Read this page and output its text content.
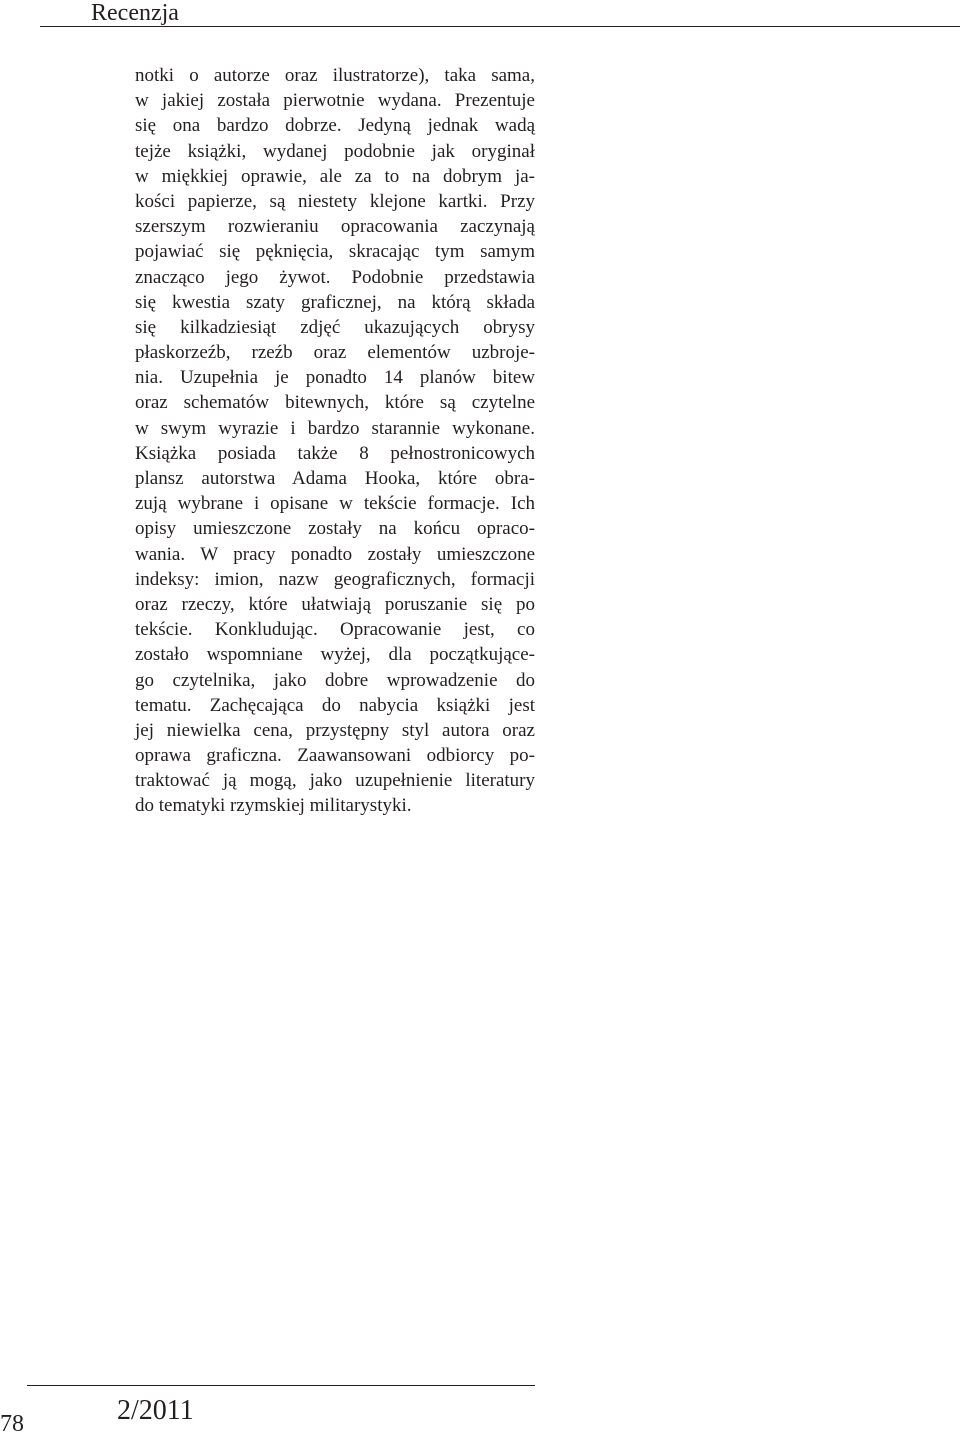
Recenzja
notki o autorze oraz ilustratorze), taka sama,
w jakiej została pierwotnie wydana. Prezentuje
się ona bardzo dobrze. Jedyną jednak wadą
tejże książki, wydanej podobnie jak oryginał
w miękkiej oprawie, ale za to na dobrym ja-
kości papierze, są niestety klejone kartki. Przy
szerszym rozwieraniu opracowania zaczynają
pojawiać się pęknięcia, skracając tym samym
znacząco jego żywot. Podobnie przedstawia
się kwestia szaty graficznej, na którą składa
się kilkadziesiąt zdjęć ukazujących obrysy
płaskorzeźb, rzeźb oraz elementów uzbroje-
nia. Uzupełnia je ponadto 14 planów bitew
oraz schematów bitewnych, które są czytelne
w swym wyrazie i bardzo starannie wykonane.
Książka posiada także 8 pełnostronicowych
plansz autorstwa Adama Hooka, które obra-
zują wybrane i opisane w tekście formacje. Ich
opisy umieszczone zostały na końcu opraco-
wania. W pracy ponadto zostały umieszczone
indeksy: imion, nazw geograficznych, formacji
oraz rzeczy, które ułatwiają poruszanie się po
tekście. Konkludując. Opracowanie jest, co
zostało wspomniane wyżej, dla początkujące-
go czytelnika, jako dobre wprowadzenie do
tematu. Zachęcająca do nabycia książki jest
jej niewielka cena, przystępny styl autora oraz
oprawa graficzna. Zaawansowani odbiorcy po-
traktować ją mogą, jako uzupełnienie literatury
do tematyki rzymskiej militarystyki.
78	2/2011
